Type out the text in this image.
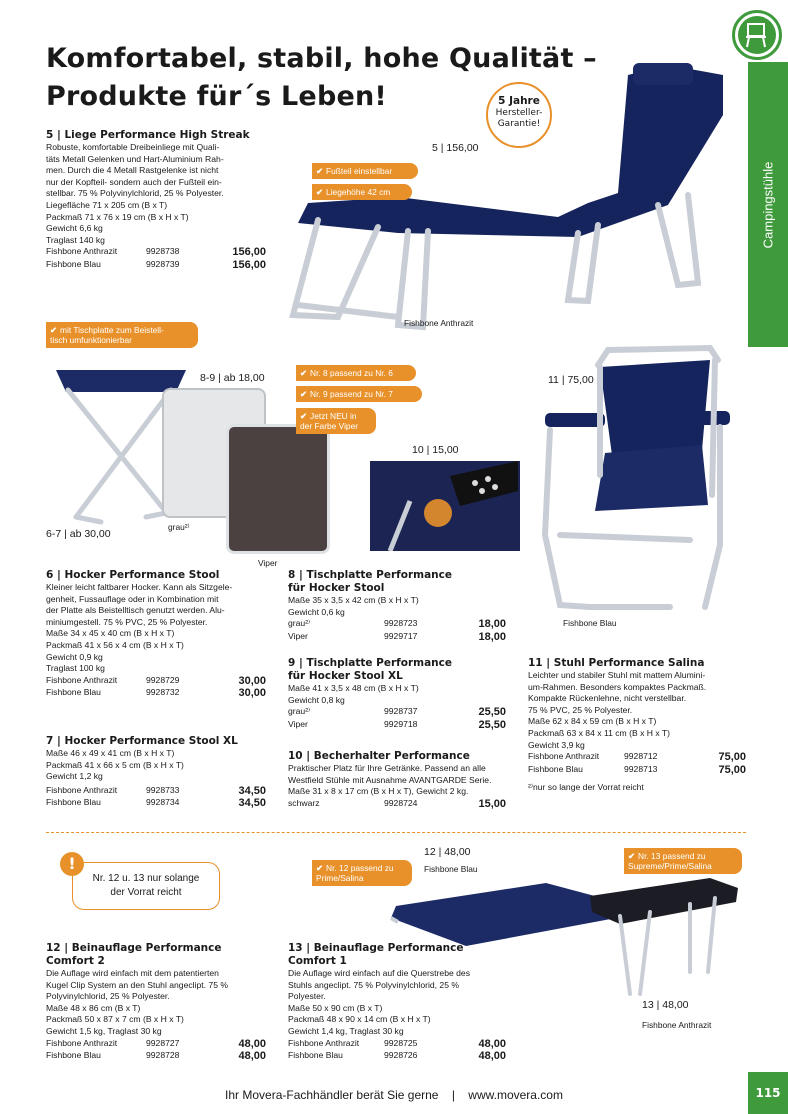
Campingstühle
Komfortabel, stabil, hohe Qualität –
Produkte für´s Leben!	5 Jahre
Hersteller-
Garantie!
5 | Liege Performance High Streak
Robuste, komfortable Dreibeinliege mit Quali-
täts Metall Gelenken und Hart-Aluminium Rah-
men. Durch die 4 Metall Rastgelenke ist nicht
nur der Kopfteil- sondern auch der Fußteil ein-
stellbar. 75 % Polyvinylchlorid, 25 % Polyester.
Liegefläche 71 x 205 cm (B x T)
Packmaß 71 x 76 x 19 cm (B x H x T)
Gewicht 6,6 kg
Traglast 140 kg
Fishbone Anthrazit	9928738	156,00
Fishbone Blau	9928739	156,00
5 | 156,00
✔ Fußteil einstellbar
✔ Liegehöhe 42 cm
Fishbone Anthrazit
✔ mit Tischplatte zum Beistell-
tisch umfunktionierbar
8-9 | ab 18,00
6-7 | ab 30,00
grau²⁾
Viper
✔ Nr. 8 passend zu Nr. 6
✔ Nr. 9 passend zu Nr. 7
✔ Jetzt NEU in
der Farbe Viper
10 | 15,00
11 | 75,00
Fishbone Blau
6 | Hocker Performance Stool
Kleiner leicht faltbarer Hocker. Kann als Sitzgele-
genheit, Fussauflage oder in Kombination mit
der Platte als Beistelltisch genutzt werden. Alu-
miniumgestell. 75 % PVC, 25 % Polyester.
Maße 34 x 45 x 40 cm (B x H x T)
Packmaß 41 x 56 x 4 cm (B x H x T)
Gewicht 0,9 kg
Traglast 100 kg
Fishbone Anthrazit	9928729	30,00
Fishbone Blau	9928732	30,00
7 | Hocker Performance Stool XL
Maße 46 x 49 x 41 cm (B x H x T)
Packmaß 41 x 66 x 5 cm (B x H x T)
Gewicht 1,2 kg
Fishbone Anthrazit	9928733	34,50
Fishbone Blau	9928734	34,50
8 | Tischplatte Performance
für Hocker Stool
Maße 35 x 3,5 x 42 cm (B x H x T)
Gewicht 0,6 kg
grau²⁾	9928723	18,00
Viper	9929717	18,00
9 | Tischplatte Performance
für Hocker Stool XL
Maße 41 x 3,5 x 48 cm (B x H x T)
Gewicht 0,8 kg
grau²⁾	9928737	25,50
Viper	9929718	25,50
10 | Becherhalter Performance
Praktischer Platz für Ihre Getränke. Passend an alle
Westfield Stühle mit Ausnahme AVANTGARDE Serie.
Maße 31 x 8 x 17 cm (B x H x T), Gewicht 2 kg.
schwarz	9928724	15,00
11 | Stuhl Performance Salina
Leichter und stabiler Stuhl mit mattem Alumini-
um-Rahmen. Besonders kompaktes Packmaß.
Kompakte Rückenlehne, nicht verstellbar.
75 % PVC, 25 % Polyester.
Maße 62 x 84 x 59 cm (B x H x T)
Packmaß 63 x 84 x 11 cm (B x H x T)
Gewicht 3,9 kg
Fishbone Anthrazit	9928712	75,00
Fishbone Blau	9928713	75,00
²⁾nur so lange der Vorrat reicht
Nr. 12 u. 13 nur solange
der Vorrat reicht
!
12 | 48,00
Fishbone Blau
✔ Nr. 12 passend zu
Prime/Salina
✔ Nr. 13 passend zu
Supreme/Prime/Salina
13 | 48,00
Fishbone Anthrazit
12 | Beinauflage Performance Comfort 2
Die Auflage wird einfach mit dem patentierten
Kugel Clip System an den Stuhl angeclipt. 75 %
Polyvinylchlorid, 25 % Polyester.
Maße 48 x 86 cm (B x T)
Packmaß 50 x 87 x 7 cm (B x H x T)
Gewicht 1,5 kg, Traglast 30 kg
Fishbone Anthrazit	9928727	48,00
Fishbone Blau	9928728	48,00
13 | Beinauflage Performance Comfort 1
Die Auflage wird einfach auf die Querstrebe des
Stuhls angeclipt. 75 % Polyvinylchlorid, 25 %
Polyester.
Maße 50 x 90 cm (B x T)
Packmaß 48 x 90 x 14 cm (B x H x T)
Gewicht 1,4 kg, Traglast 30 kg
Fishbone Anthrazit	9928725	48,00
Fishbone Blau	9928726	48,00
Ihr Movera-Fachhändler berät Sie gerne | www.movera.com	115
